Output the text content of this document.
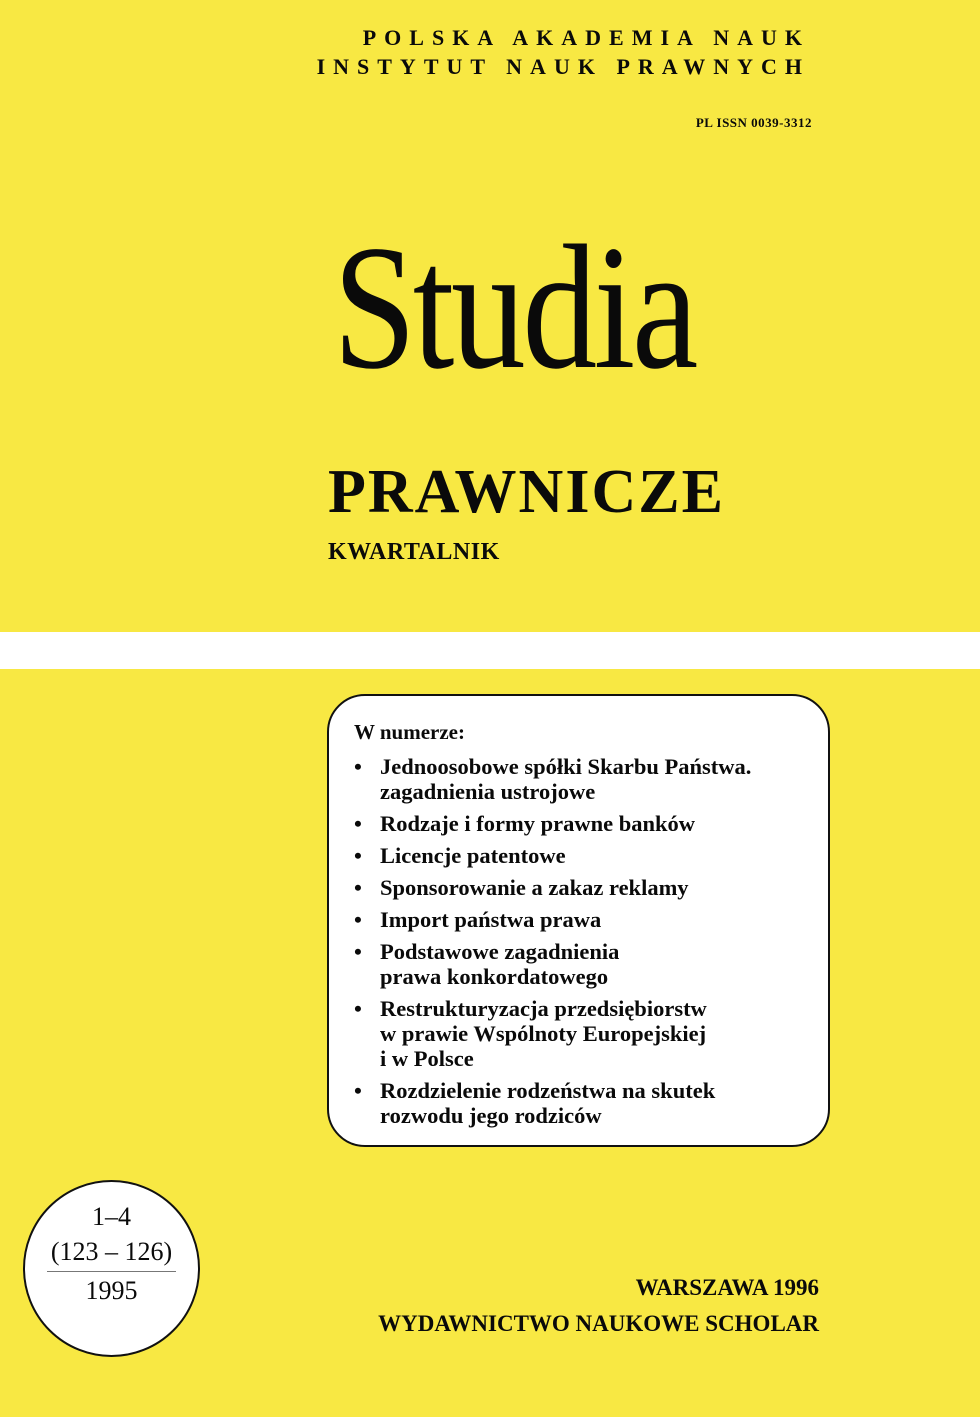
POLSKA AKADEMIA NAUK
INSTYTUT NAUK PRAWNYCH
PL ISSN 0039-3312
Studia
PRAWNICZE
KWARTALNIK
W numerze:
• Jednoosobowe spółki Skarbu Państwa.
zagadnienia ustrojowe
• Rodzaje i formy prawne banków
• Licencje patentowe
• Sponsorowanie a zakaz reklamy
• Import państwa prawa
• Podstawowe zagadnienia
prawa konkordatowego
• Restrukturyzacja przedsiębiorstw
w prawie Wspólnoty Europejskiej
i w Polsce
• Rozdzielenie rodzeństwa na skutek
rozwodu jego rodziców
1–4
(123 – 126)
1995	WARSZAWA 1996
WYDAWNICTWO NAUKOWE SCHOLAR
